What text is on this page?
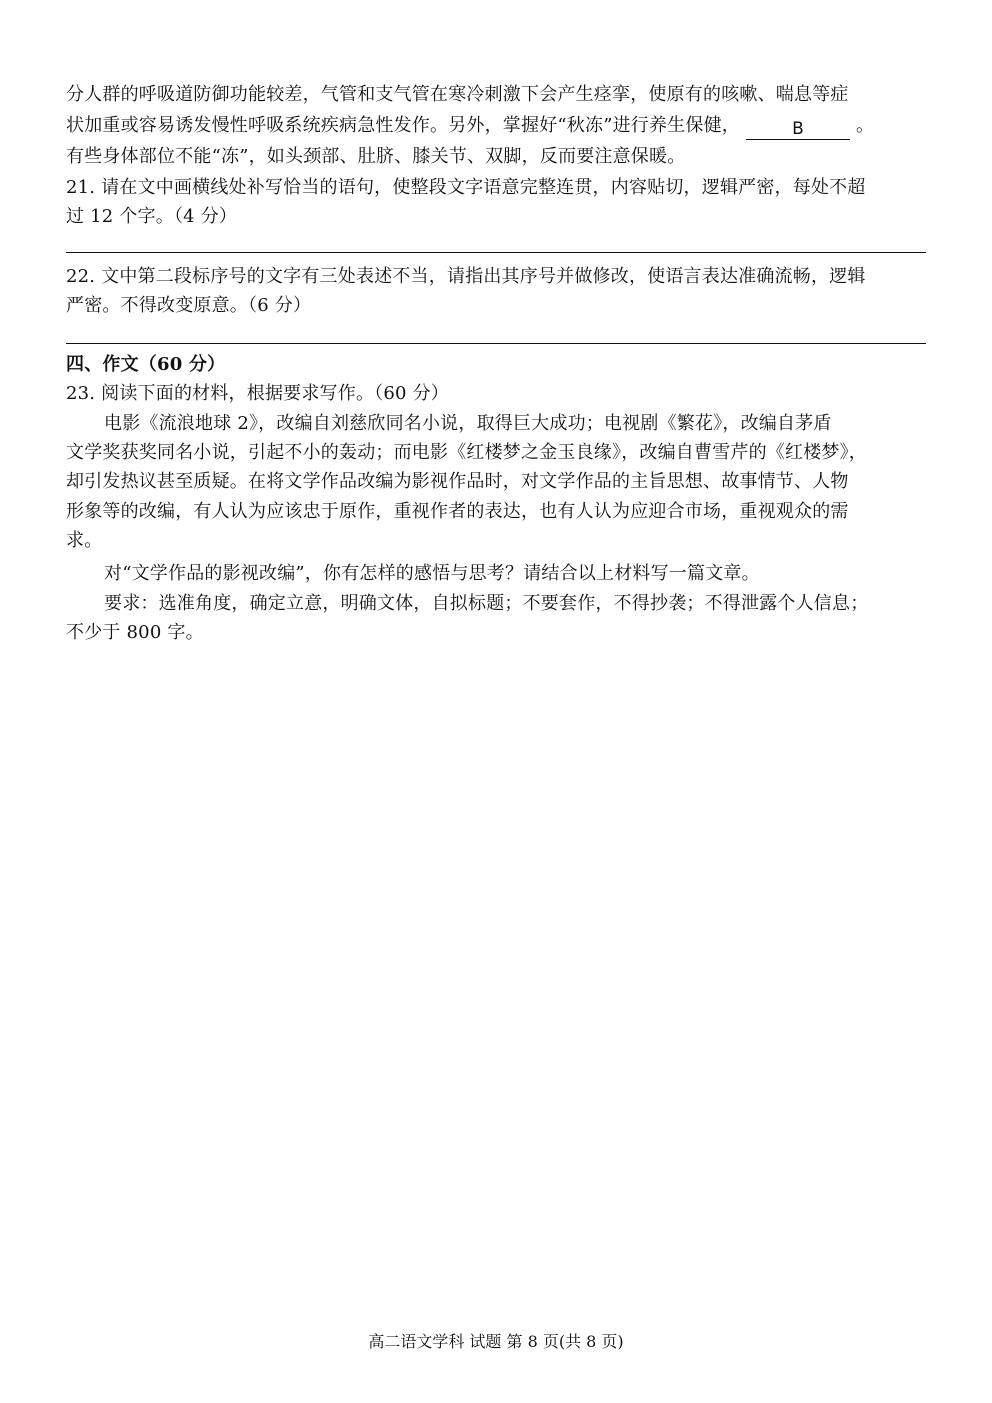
分人群的呼吸道防御功能较差，气管和支气管在寒冷刺激下会产生痉挛，使原有的咳嗽、喘息等症
状加重或容易诱发慢性呼吸系统疾病急性发作。另外，掌握好“秋冻”进行养生保健，	B	。
有些身体部位不能“冻”，如头颈部、肚脐、膝关节、双脚，反而要注意保暖。
21. 请在文中画横线处补写恰当的语句，使整段文字语意完整连贯，内容贴切，逻辑严密，每处不超
过 12 个字。（4 分）
22. 文中第二段标序号的文字有三处表述不当，请指出其序号并做修改，使语言表达准确流畅，逻辑
严密。不得改变原意。（6 分）
四、作文（60 分）
23. 阅读下面的材料，根据要求写作。（60 分）
电影《流浪地球 2》，改编自刘慈欣同名小说，取得巨大成功；电视剧《繁花》，改编自茅盾
文学奖获奖同名小说，引起不小的轰动；而电影《红楼梦之金玉良缘》，改编自曹雪芹的《红楼梦》，
却引发热议甚至质疑。在将文学作品改编为影视作品时，对文学作品的主旨思想、故事情节、人物
形象等的改编，有人认为应该忠于原作，重视作者的表达，也有人认为应迎合市场，重视观众的需
求。
对“文学作品的影视改编”，你有怎样的感悟与思考？请结合以上材料写一篇文章。
要求：选准角度，确定立意，明确文体，自拟标题；不要套作，不得抄袭；不得泄露个人信息；
不少于 800 字。
高二语文学科 试题 第 8 页(共 8 页)
